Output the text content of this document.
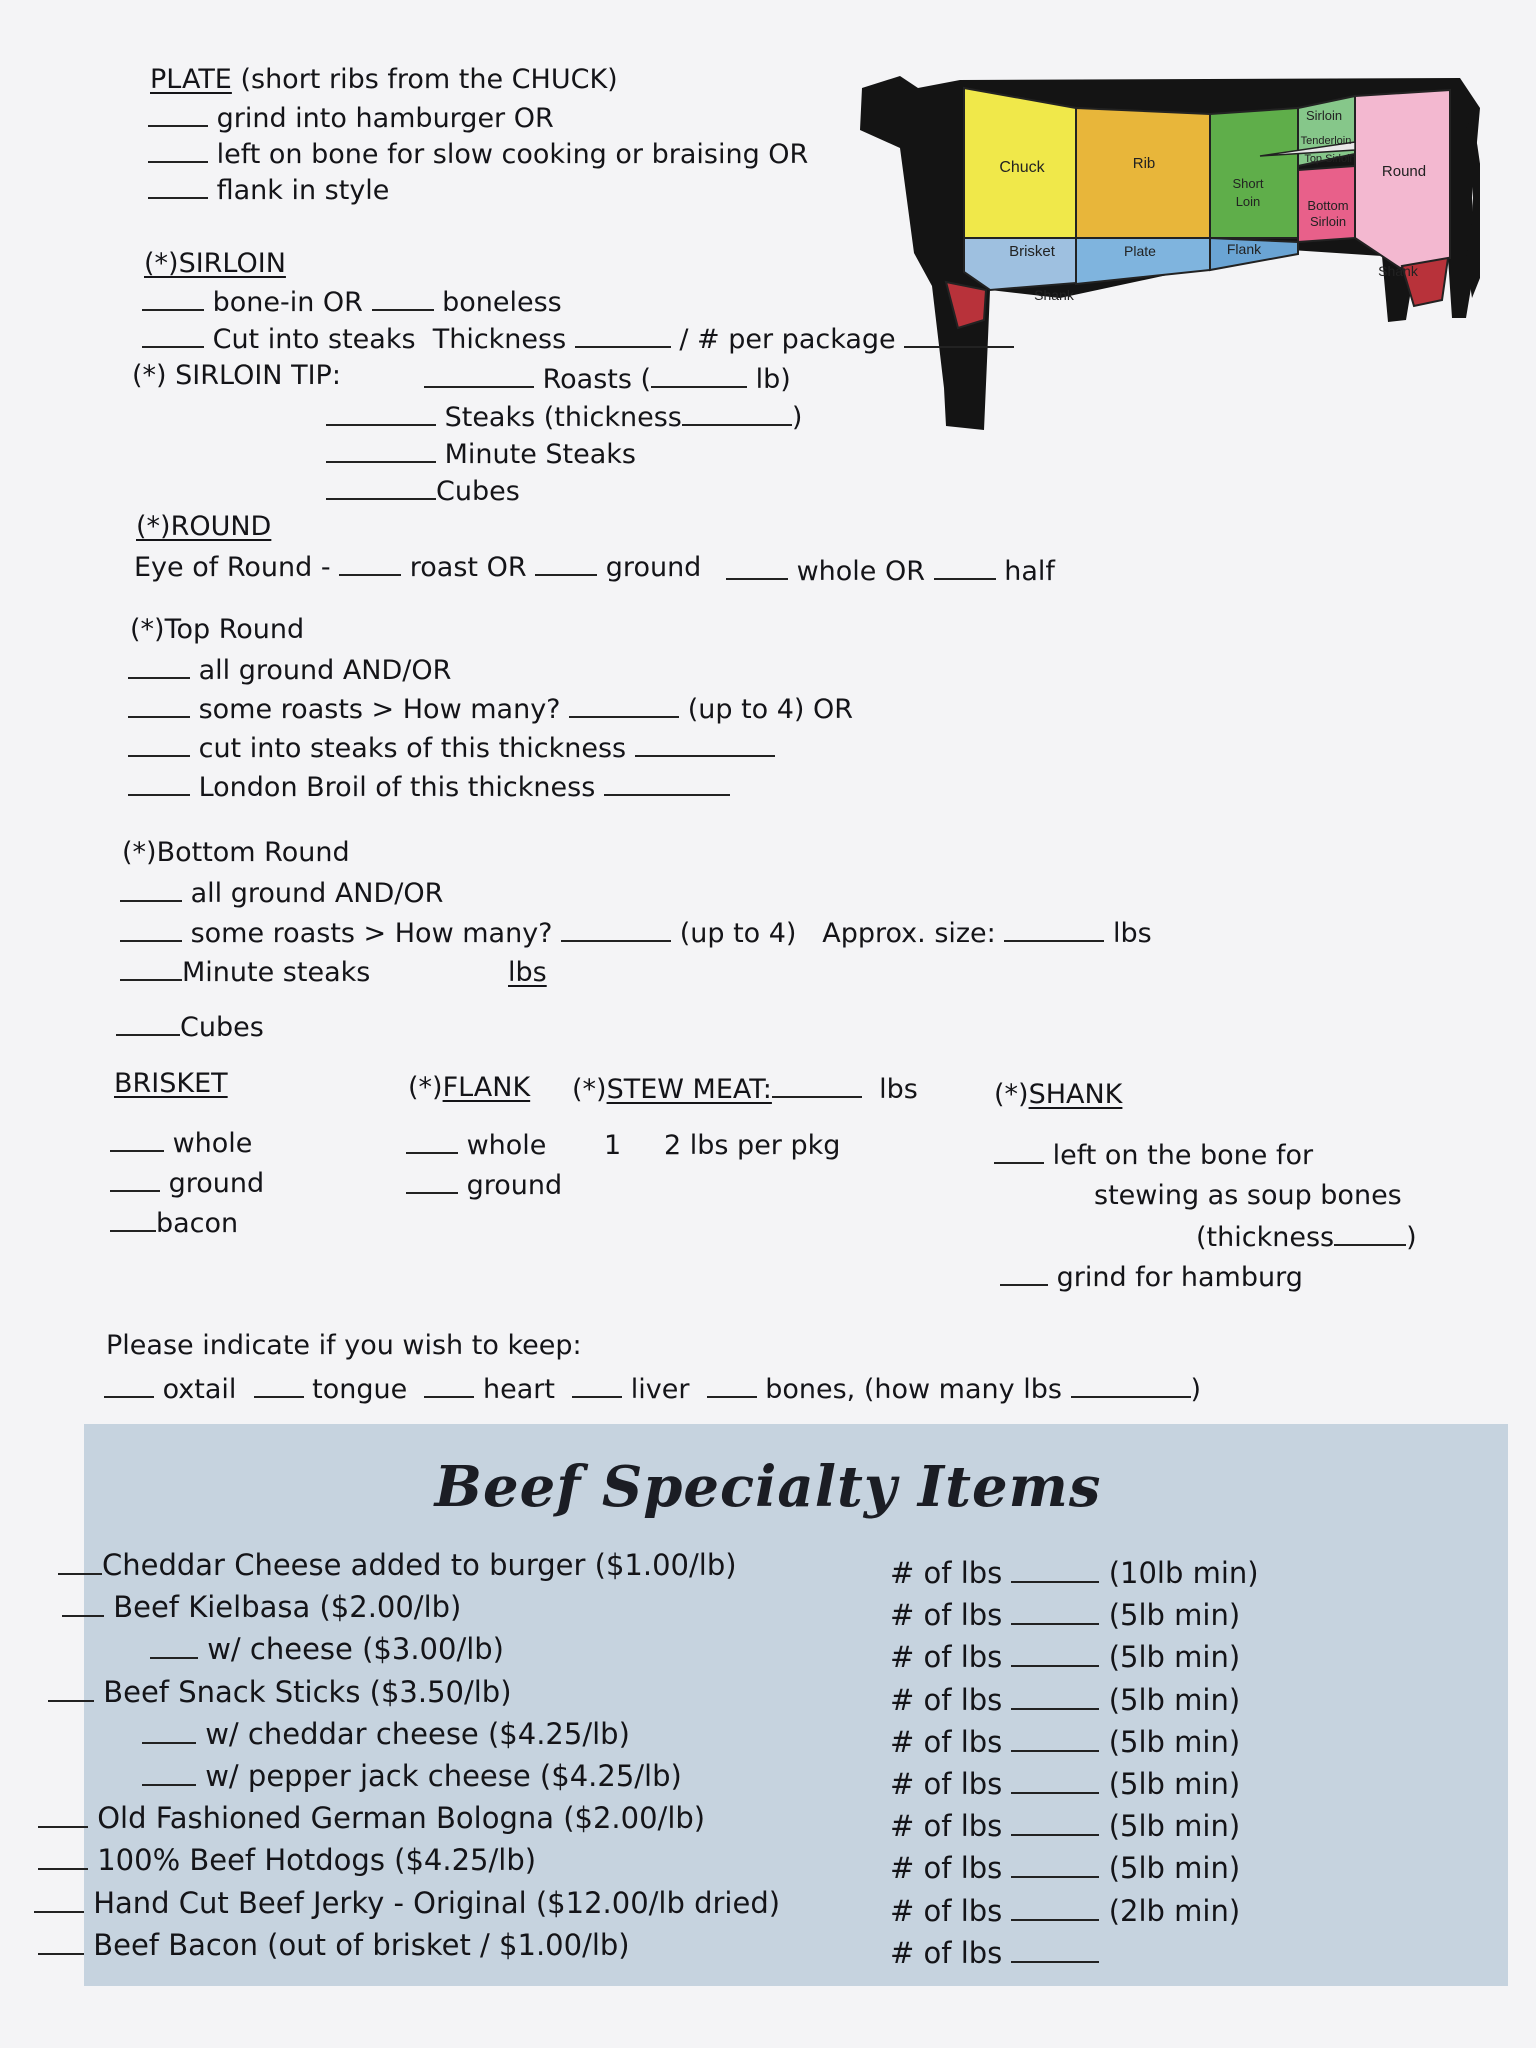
Chuck	Rib
Short
Loin
Sirloin
Tenderloin
Top Sirloin
Round
Bottom
Sirloin
Brisket	Plate	Flank
Shank
Shank
PLATE (short ribs from the CHUCK)
grind into hamburger OR
left on bone for slow cooking or braising OR
flank in style
(*)SIRLOIN
bone-in OR	boneless
Cut into steaks Thickness	/ # per package
(*) SIRLOIN TIP:	Roasts (	lb)
Steaks (thickness	)
Minute Steaks
Cubes
(*)ROUND
Eye of Round -	roast OR	ground	whole OR	half
(*)Top Round
all ground AND/OR
some roasts > How many?	(up to 4) OR
cut into steaks of this thickness
London Broil of this thickness
(*)Bottom Round
all ground AND/OR
some roasts > How many?	(up to 4) Approx. size:	lbs
Minute steaks	lbs
Cubes
BRISKET
whole
ground
bacon
(*)FLANK
whole
ground
(*)STEW MEAT:	lbs
1 2 lbs per pkg
(*)SHANK
left on the bone for
stewing as soup bones
(thickness	)
grind for hamburg
Please indicate if you wish to keep:
oxtail	tongue	heart	liver	bones, (how many lbs	)
Beef Specialty Items
Cheddar Cheese added to burger ($1.00/lb)	# of lbs	(10lb min)
Beef Kielbasa ($2.00/lb)	# of lbs	(5lb min)
w/ cheese ($3.00/lb)	# of lbs	(5lb min)
Beef Snack Sticks ($3.50/lb)	# of lbs	(5lb min)
w/ cheddar cheese ($4.25/lb)	# of lbs	(5lb min)
w/ pepper jack cheese ($4.25/lb)	# of lbs	(5lb min)
Old Fashioned German Bologna ($2.00/lb)	# of lbs	(5lb min)
100% Beef Hotdogs ($4.25/lb)	# of lbs	(5lb min)
Hand Cut Beef Jerky - Original ($12.00/lb dried)	# of lbs	(2lb min)
Beef Bacon (out of brisket / $1.00/lb)	# of lbs
